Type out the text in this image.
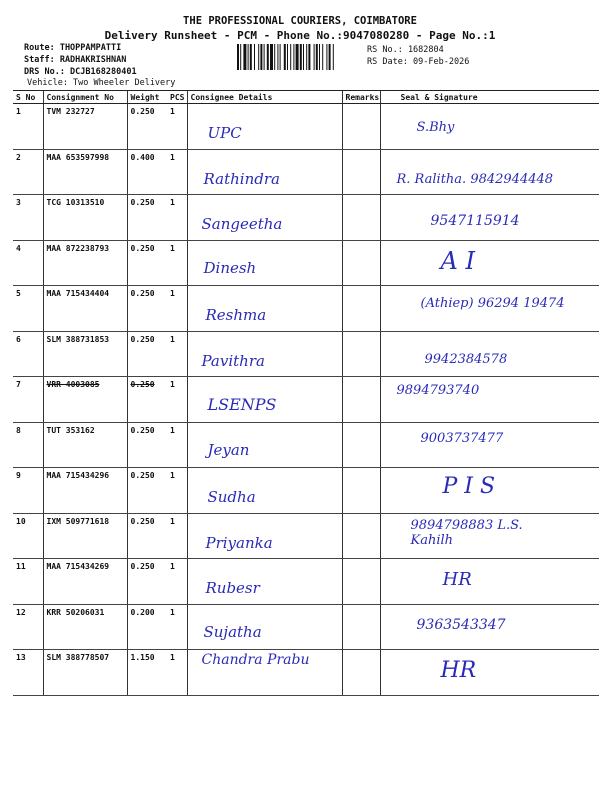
THE PROFESSIONAL COURIERS, COIMBATORE
Delivery Runsheet - PCM - Phone No.:9047080280 - Page No.:1
Route: THOPPAMPATTI
Staff: RADHAKRISHNAN
DRS No.: DCJB168280401
Vehicle: Two Wheeler Delivery
RS No.: 1682804
RS Date: 09-Feb-2026
S No	Consignment No	Weight	PCS	Consignee Details	Remarks	Seal & Signature
1	TVM 232727	0.250	1	UPC		S.Bhy

2	MAA 653597998	0.400	1	Rathindra		R. Ralitha. 9842944448

3	TCG 10313510	0.250	1	Sangeetha		9547115914

4	MAA 872238793	0.250	1	Dinesh		A I

5	MAA 715434404	0.250	1	Reshma		(Athiep) 96294 19474

6	SLM 388731853	0.250	1	Pavithra		9942384578

7	VRR 4003085	0.250	1	LSENPS		9894793740

8	TUT 353162	0.250	1	Jeyan		9003737477

9	MAA 715434296	0.250	1	Sudha		P I S

10	IXM 509771618	0.250	1	Priyanka		9894798883 L.S. Kahilh

11	MAA 715434269	0.250	1	Rubesr		HR

12	KRR 50206031	0.200	1	Sujatha		9363543347

13	SLM 388778507	1.150	1	Chandra Prabu		HR
